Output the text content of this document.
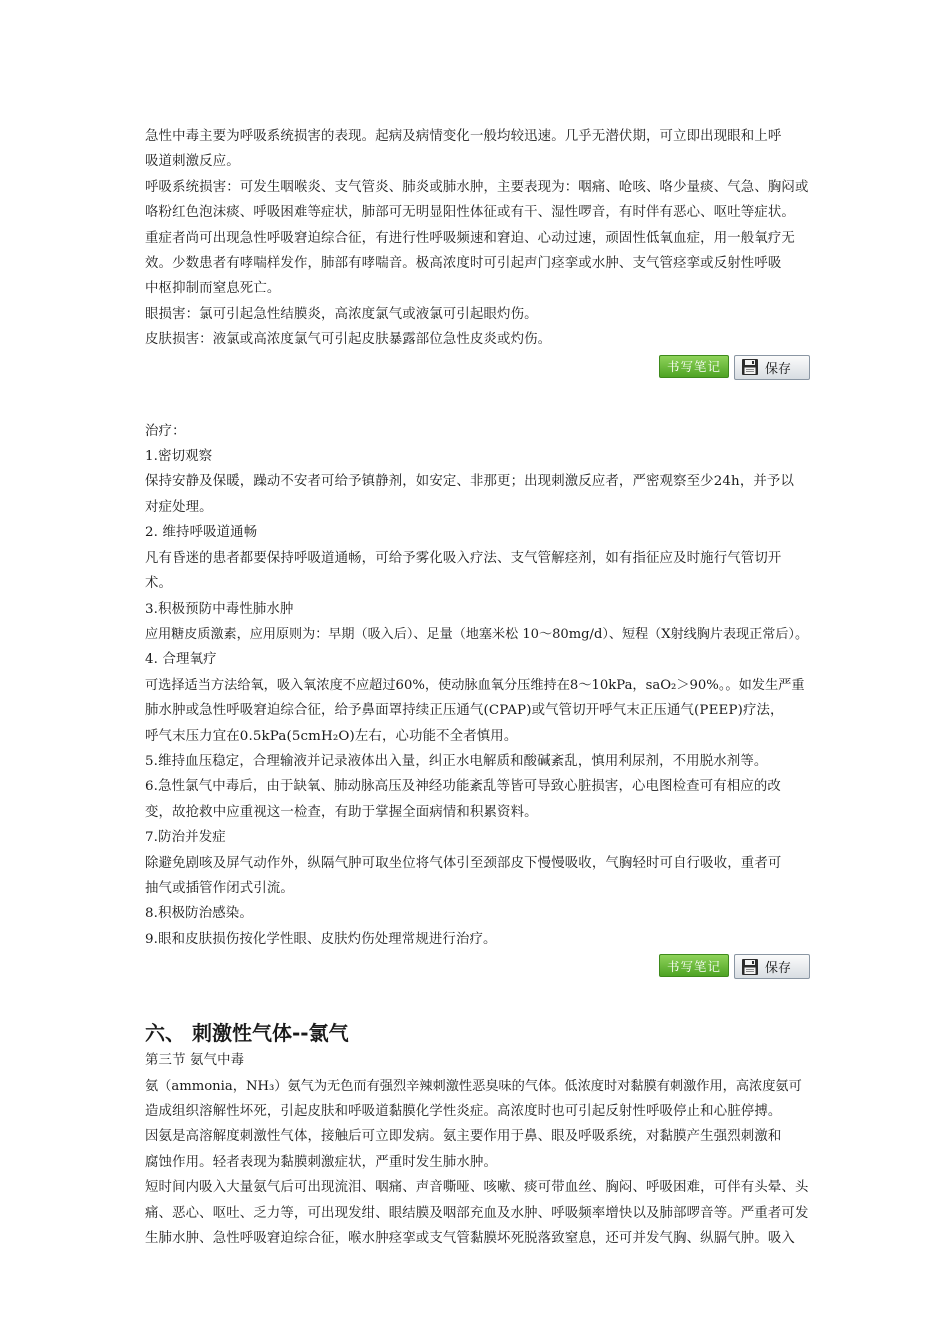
急性中毒主要为呼吸系统损害的表现。起病及病情变化一般均较迅速。几乎无潜伏期，可立即出现眼和上呼

吸道刺激反应。

呼吸系统损害：可发生咽喉炎、支气管炎、肺炎或肺水肿，主要表现为：咽痛、呛咳、咯少量痰、气急、胸闷或

咯粉红色泡沫痰、呼吸困难等症状，肺部可无明显阳性体征或有干、湿性啰音，有时伴有恶心、呕吐等症状。

重症者尚可出现急性呼吸窘迫综合征，有进行性呼吸频速和窘迫、心动过速，顽固性低氧血症，用一般氧疗无

效。少数患者有哮喘样发作，肺部有哮喘音。极高浓度时可引起声门痉挛或水肿、支气管痉挛或反射性呼吸

中枢抑制而窒息死亡。

眼损害：氯可引起急性结膜炎，高浓度氯气或液氯可引起眼灼伤。

皮肤损害：液氯或高浓度氯气可引起皮肤暴露部位急性皮炎或灼伤。

书写笔记	保存

治疗：

1.密切观察

保持安静及保暖，躁动不安者可给予镇静剂，如安定、非那更；出现刺激反应者，严密观察至少24h，并予以

对症处理。

2. 维持呼吸道通畅

凡有昏迷的患者都要保持呼吸道通畅，可给予雾化吸入疗法、支气管解痉剂，如有指征应及时施行气管切开

术。

3.积极预防中毒性肺水肿

应用糖皮质激素，应用原则为：早期（吸入后）、足量（地塞米松 10～80mg/d）、短程（X射线胸片表现正常后）。

4. 合理氧疗

可选择适当方法给氧，吸入氧浓度不应超过60%，使动脉血氧分压维持在8～10kPa，saO₂＞90%。。如发生严重

肺水肿或急性呼吸窘迫综合征，给予鼻面罩持续正压通气(CPAP)或气管切开呼气末正压通气(PEEP)疗法，

呼气末压力宜在0.5kPa(5cmH₂O)左右，心功能不全者慎用。

5.维持血压稳定，合理输液并记录液体出入量，纠正水电解质和酸碱紊乱，慎用利尿剂，不用脱水剂等。

6.急性氯气中毒后，由于缺氧、肺动脉高压及神经功能紊乱等皆可导致心脏损害，心电图检查可有相应的改

变，故抢救中应重视这一检查，有助于掌握全面病情和积累资料。

7.防治并发症

除避免剧咳及屏气动作外，纵隔气肿可取坐位将气体引至颈部皮下慢慢吸收，气胸轻时可自行吸收，重者可

抽气或插管作闭式引流。

8.积极防治感染。

9.眼和皮肤损伤按化学性眼、皮肤灼伤处理常规进行治疗。

书写笔记	保存
六、 刺激性气体--氯气

第三节 氨气中毒

氨（ammonia，NH₃）氨气为无色而有强烈辛辣刺激性恶臭味的气体。低浓度时对黏膜有刺激作用，高浓度氨可

造成组织溶解性坏死，引起皮肤和呼吸道黏膜化学性炎症。高浓度时也可引起反射性呼吸停止和心脏停搏。

因氨是高溶解度刺激性气体，接触后可立即发病。氨主要作用于鼻、眼及呼吸系统，对黏膜产生强烈刺激和

腐蚀作用。轻者表现为黏膜刺激症状，严重时发生肺水肿。

短时间内吸入大量氨气后可出现流泪、咽痛、声音嘶哑、咳嗽、痰可带血丝、胸闷、呼吸困难，可伴有头晕、头

痛、恶心、呕吐、乏力等，可出现发绀、眼结膜及咽部充血及水肿、呼吸频率增快以及肺部啰音等。严重者可发

生肺水肿、急性呼吸窘迫综合征，喉水肿痉挛或支气管黏膜坏死脱落致窒息，还可并发气胸、纵膈气肿。吸入
